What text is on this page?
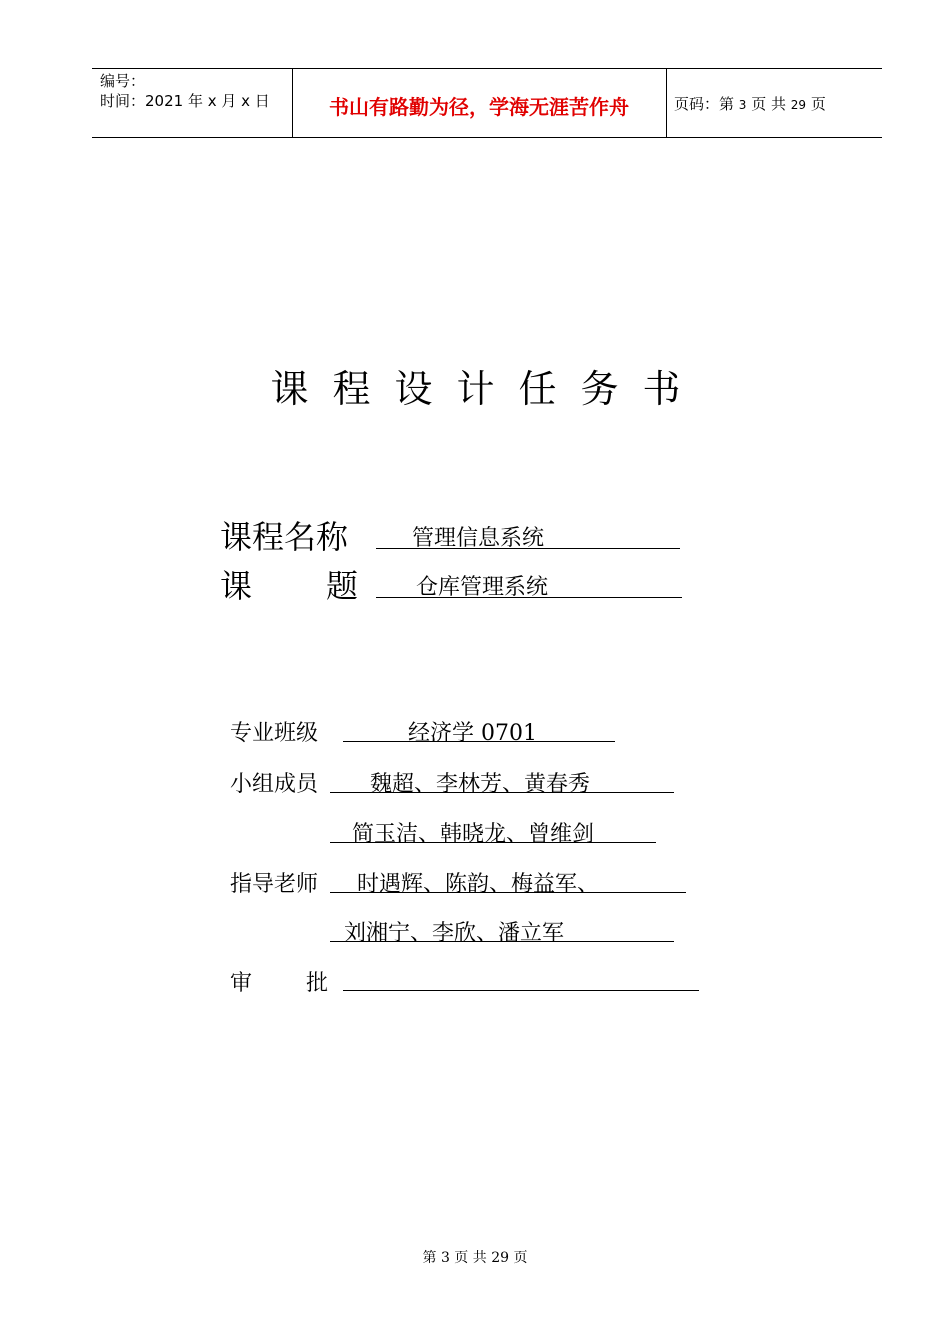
编号：
时间：2021 年 x 月 x 日	书山有路勤为径，学海无涯苦作舟	页码：第 3 页 共 29 页
课程设计任务书
课程名称	管理信息系统
课 题	仓库管理系统
专业班级	经济学 0701
小组成员 魏超、李林芳、黄春秀
简玉洁、韩晓龙、曾维剑
指导老师 时遇辉、陈韵、梅益军、
刘湘宁、李欣、潘立军
审 批
第 3 页 共 29 页
